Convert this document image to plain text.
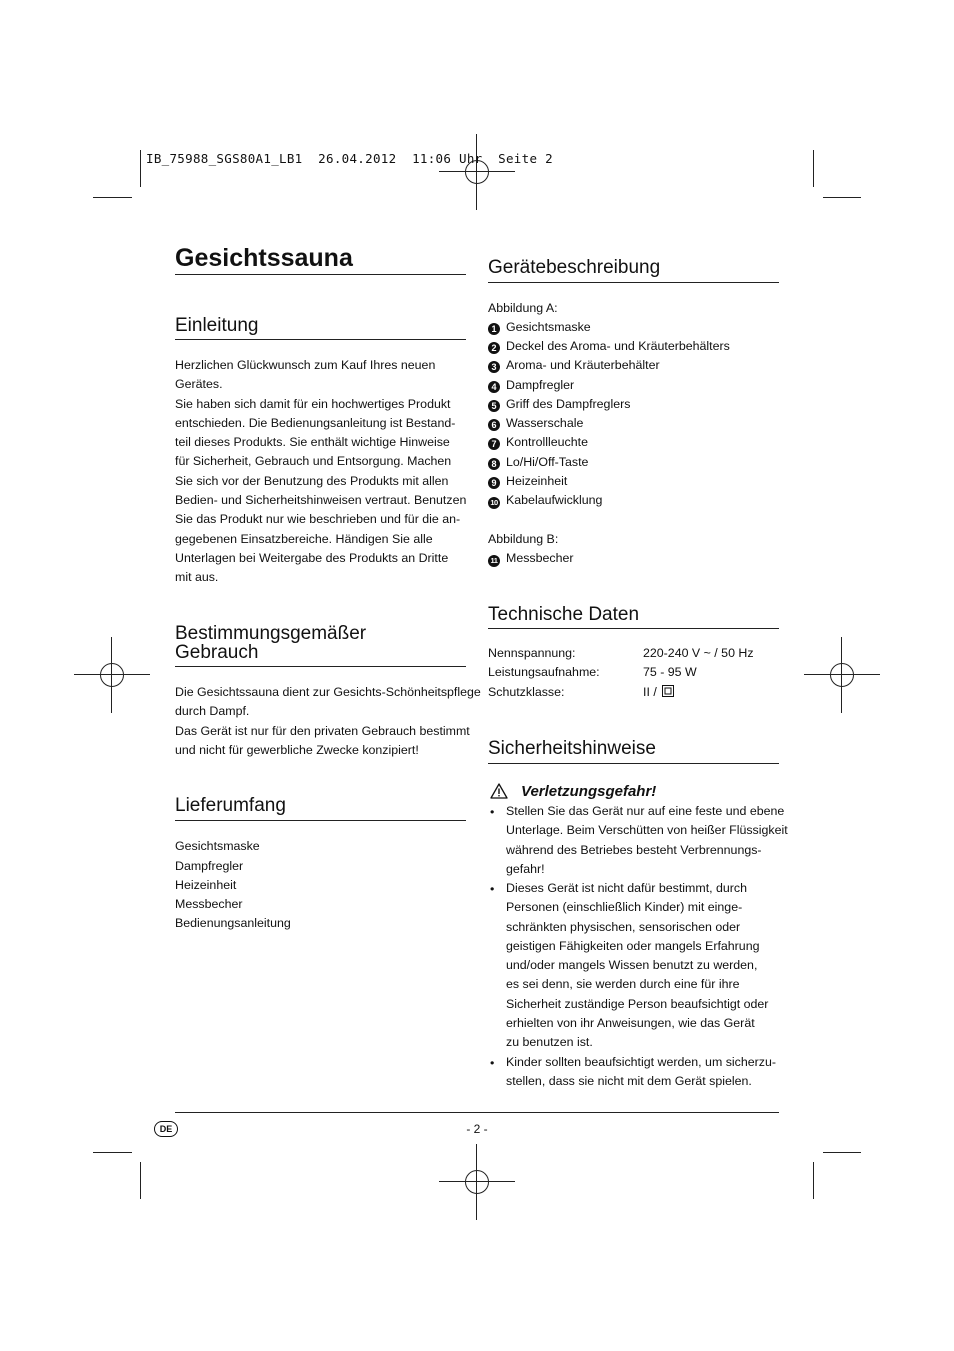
IB_75988_SGS80A1_LB1  26.04.2012  11:06 Uhr  Seite 2
Gesichtssauna
Einleitung
Herzlichen Glückwunsch zum Kauf Ihres neuen
Gerätes.
Sie haben sich damit für ein hochwertiges Produkt
entschieden. Die Bedienungsanleitung ist Bestand-
teil dieses Produkts. Sie enthält wichtige Hinweise
für Sicherheit, Gebrauch und Entsorgung. Machen
Sie sich vor der Benutzung des Produkts mit allen
Bedien- und Sicherheitshinweisen vertraut. Benutzen
Sie das Produkt nur wie beschrieben und für die an-
gegebenen Einsatzbereiche. Händigen Sie alle
Unterlagen bei Weitergabe des Produkts an Dritte
mit aus.
Bestimmungsgemäßer
Gebrauch
Die Gesichtssauna dient zur Gesichts-Schönheitspflege
durch Dampf.
Das Gerät ist nur für den privaten Gebrauch bestimmt
und nicht für gewerbliche Zwecke konzipiert!
Lieferumfang
Gesichtsmaske
Dampfregler
Heizeinheit
Messbecher
Bedienungsanleitung
Gerätebeschreibung
Abbildung A:
1 Gesichtsmaske
2 Deckel des Aroma- und Kräuterbehälters
3 Aroma- und Kräuterbehälter
4 Dampfregler
5 Griff des Dampfreglers
6 Wasserschale
7 Kontrollleuchte
8 Lo/Hi/Off-Taste
9 Heizeinheit
10 Kabelaufwicklung
Abbildung B:
11 Messbecher
Technische Daten
Nennspannung:	220-240 V ~ / 50 Hz
Leistungsaufnahme:	75 - 95 W
Schutzklasse:	II /
Sicherheitshinweise
Verletzungsgefahr!
• Stellen Sie das Gerät nur auf eine feste und ebene
Unterlage. Beim Verschütten von heißer Flüssigkeit
während des Betriebes besteht Verbrennungs-
gefahr!
• Dieses Gerät ist nicht dafür bestimmt, durch
Personen (einschließlich Kinder) mit einge-
schränkten physischen, sensorischen oder
geistigen Fähigkeiten oder mangels Erfahrung
und/oder mangels Wissen benutzt zu werden,
es sei denn, sie werden durch eine für ihre
Sicherheit zuständige Person beaufsichtigt oder
erhielten von ihr Anweisungen, wie das Gerät
zu benutzen ist.
• Kinder sollten beaufsichtigt werden, um sicherzu-
stellen, dass sie nicht mit dem Gerät spielen.
DE	- 2 -
